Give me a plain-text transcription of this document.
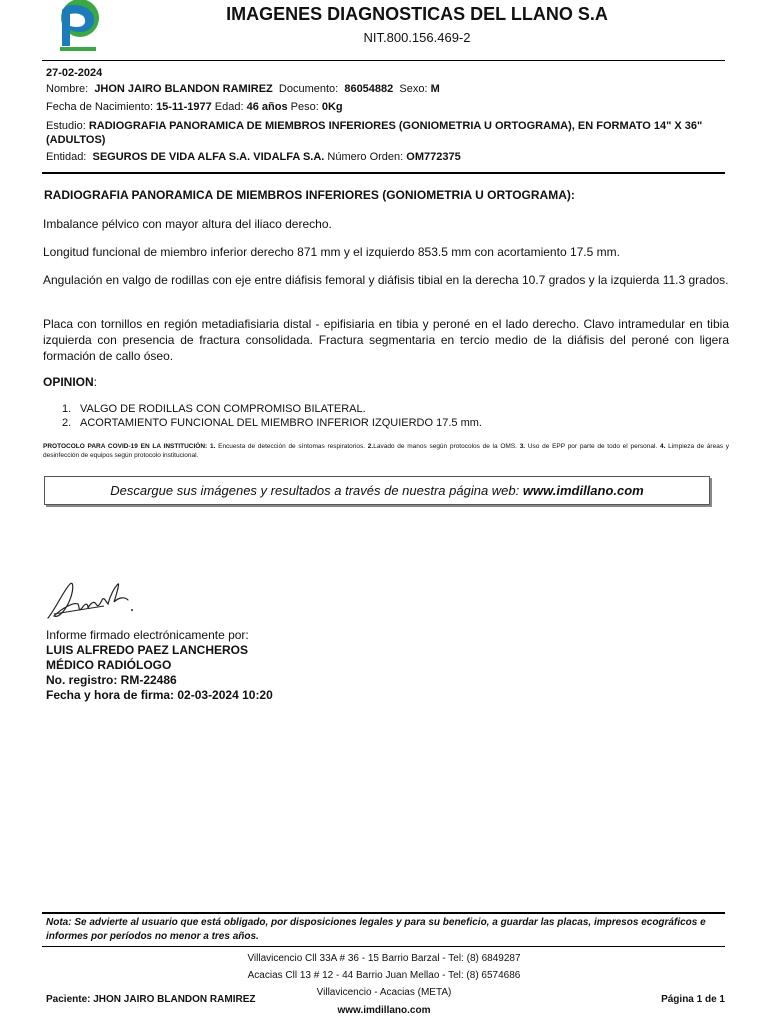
IMAGENES DIAGNOSTICAS DEL LLANO S.A
NIT.800.156.469-2
27-02-2024
Nombre: JHON JAIRO BLANDON RAMIREZ Documento: 86054882 Sexo: M
Fecha de Nacimiento: 15-11-1977 Edad: 46 años Peso: 0Kg
Estudio: RADIOGRAFIA PANORAMICA DE MIEMBROS INFERIORES (GONIOMETRIA U ORTOGRAMA), EN FORMATO 14" X 36" (ADULTOS)
Entidad: SEGUROS DE VIDA ALFA S.A. VIDALFA S.A. Número Orden: OM772375
RADIOGRAFIA PANORAMICA DE MIEMBROS INFERIORES (GONIOMETRIA U ORTOGRAMA):
Imbalance pélvico con mayor altura del iliaco derecho.
Longitud funcional de miembro inferior derecho 871 mm y el izquierdo 853.5 mm con acortamiento 17.5 mm.
Angulación en valgo de rodillas con eje entre diáfisis femoral y diáfisis tibial en la derecha 10.7 grados y la izquierda 11.3 grados.
Placa con tornillos en región metadiafisiaria distal - epifisiaria en tibia y peroné en el lado derecho. Clavo intramedular en tibia izquierda con presencia de fractura consolidada. Fractura segmentaria en tercio medio de la diáfisis del peroné con ligera formación de callo óseo.
OPINION:
1. VALGO DE RODILLAS CON COMPROMISO BILATERAL.
2. ACORTAMIENTO FUNCIONAL DEL MIEMBRO INFERIOR IZQUIERDO 17.5 mm.
PROTOCOLO PARA COVID-19 EN LA INSTITUCIÓN: 1. Encuesta de detección de síntomas respiratorios. 2.Lavado de manos según protocolos de la OMS. 3. Uso de EPP por parte de todo el personal. 4. Limpieza de áreas y desinfección de equipos según protocolo institucional.
Descargue sus imágenes y resultados a través de nuestra página web: www.imdillano.com
Informe firmado electrónicamente por:
LUIS ALFREDO PAEZ LANCHEROS
MÉDICO RADIÓLOGO
No. registro: RM-22486
Fecha y hora de firma: 02-03-2024 10:20
Nota: Se advierte al usuario que está obligado, por disposiciones legales y para su beneficio, a guardar las placas, impresos ecográficos e informes por períodos no menor a tres años.
Villavicencio Cll 33A # 36 - 15 Barrio Barzal - Tel: (8) 6849287
Acacias Cll 13 # 12 - 44 Barrio Juan Mellao - Tel: (8) 6574686
Villavicencio - Acacias (META)
Paciente: JHON JAIRO BLANDON RAMIREZ	Página 1 de 1
www.imdillano.com
